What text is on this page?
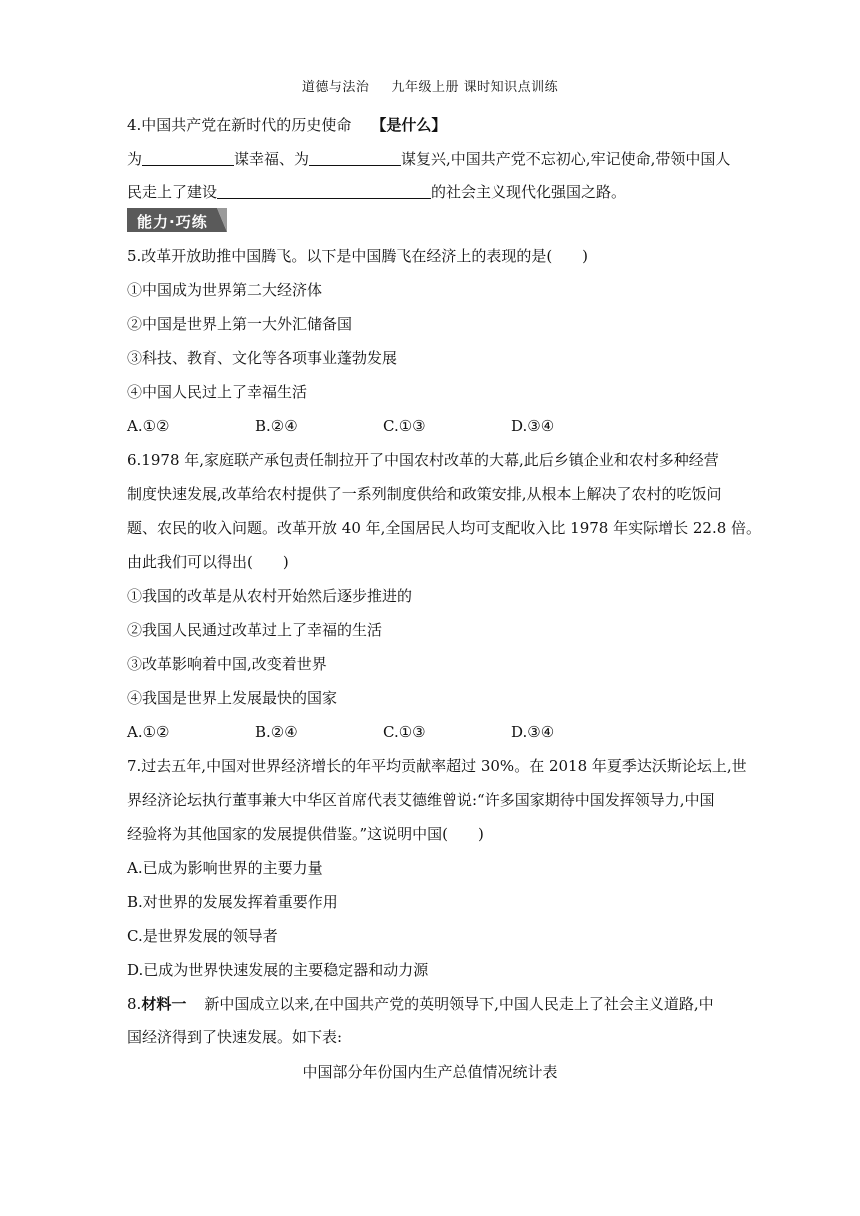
道德与法治 九年级上册 课时知识点训练
4.中国共产党在新时代的历史使命 【是什么】
为	谋幸福、为	谋复兴,中国共产党不忘初心,牢记使命,带领中国人
民走上了建设	的社会主义现代化强国之路。
能力·巧练
5.改革开放助推中国腾飞。以下是中国腾飞在经济上的表现的是( )
①中国成为世界第二大经济体
②中国是世界上第一大外汇储备国
③科技、教育、文化等各项事业蓬勃发展
④中国人民过上了幸福生活
A.①②	B.②④	C.①③	D.③④
6.1978 年,家庭联产承包责任制拉开了中国农村改革的大幕,此后乡镇企业和农村多种经营
制度快速发展,改革给农村提供了一系列制度供给和政策安排,从根本上解决了农村的吃饭问
题、农民的收入问题。改革开放 40 年,全国居民人均可支配收入比 1978 年实际增长 22.8 倍。
由此我们可以得出( )
①我国的改革是从农村开始然后逐步推进的
②我国人民通过改革过上了幸福的生活
③改革影响着中国,改变着世界
④我国是世界上发展最快的国家
A.①②	B.②④	C.①③	D.③④
7.过去五年,中国对世界经济增长的年平均贡献率超过 30%。在 2018 年夏季达沃斯论坛上,世
界经济论坛执行董事兼大中华区首席代表艾德维曾说:“许多国家期待中国发挥领导力,中国
经验将为其他国家的发展提供借鉴。”这说明中国( )
A.已成为影响世界的主要力量
B.对世界的发展发挥着重要作用
C.是世界发展的领导者
D.已成为世界快速发展的主要稳定器和动力源
8.材料一 新中国成立以来,在中国共产党的英明领导下,中国人民走上了社会主义道路,中
国经济得到了快速发展。如下表:
中国部分年份国内生产总值情况统计表
